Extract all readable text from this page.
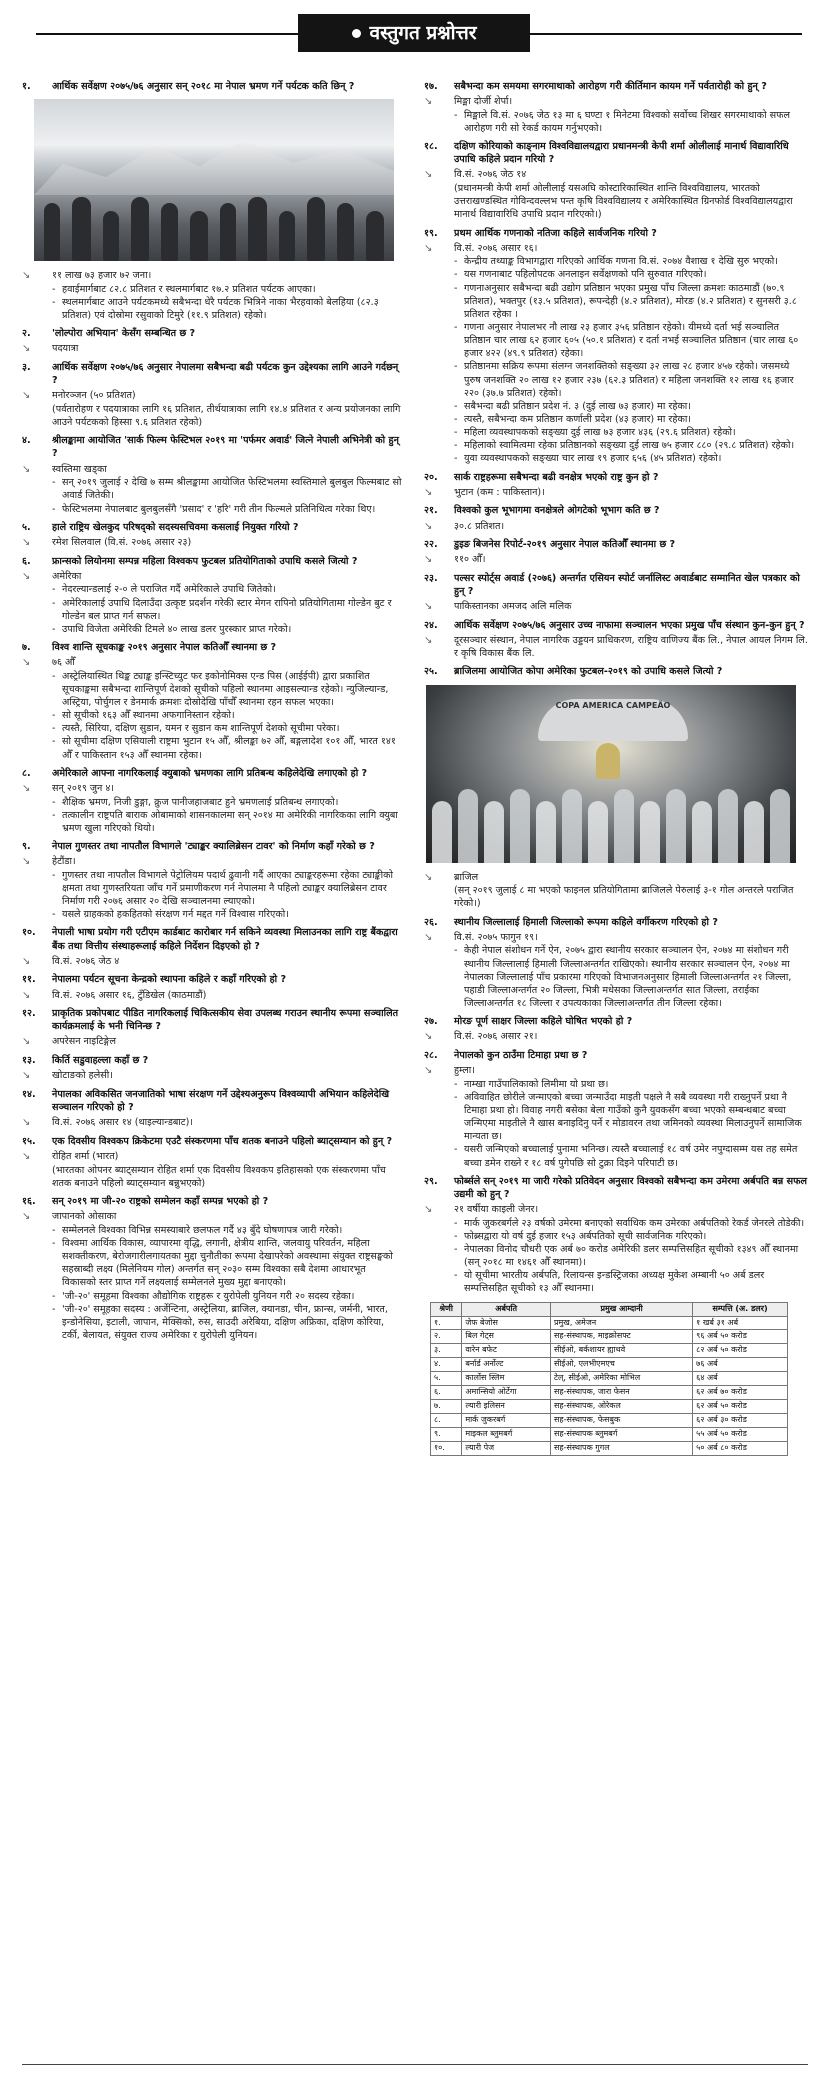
वस्तुगत प्रश्नोत्तर
१.	आर्थिक सर्वेक्षण २०७५/७६ अनुसार सन् २०१८ मा नेपाल भ्रमण गर्ने पर्यटक कति छिन् ?
↘	११ लाख ७३ हजार ७२ जना।
- हवाईमार्गबाट ८२.८ प्रतिशत र स्थलमार्गबाट १७.२ प्रतिशत पर्यटक आएका।
- स्थलमार्गबाट आउने पर्यटकमध्ये सबैभन्दा धेरै पर्यटक भित्रिने नाका भैरहवाको बेलहिया (८२.३ प्रतिशत) एवं दोस्रोमा रसुवाको टिमुरे (११.९ प्रतिशत) रहेको।
२.	'लोल्पोरा अभियान' केसँग सम्बन्धित छ ?
↘	पदयात्रा
३.	आर्थिक सर्वेक्षण २०७५/७६ अनुसार नेपालमा सबैभन्दा बढी पर्यटक कुन उद्देश्यका लागि आउने गर्दछन् ?
↘	मनोरञ्जन (५० प्रतिशत)
(पर्वतारोहण र पदयात्राका लागि १६ प्रतिशत, तीर्थयात्राका लागि १४.४ प्रतिशत र अन्य प्रयोजनका लागि आउने पर्यटकको हिस्सा ९.६ प्रतिशत रहेको)
४.	श्रीलङ्कामा आयोजित 'सार्क फिल्म फेस्टिभल २०१९ मा 'पर्फमर अवार्ड' जित्ने नेपाली अभिनेत्री को हुन् ?
↘	स्वस्तिमा खड्का
- सन् २०१९ जुलाई २ देखि ७ सम्म श्रीलङ्कामा आयोजित फेस्टिभलमा स्वस्तिमाले बुलबुल फिल्मबाट सो अवार्ड जितेकी।
- फेस्टिभलमा नेपालबाट बुलबुलसँगै 'प्रसाद' र 'हरि' गरी तीन फिल्मले प्रतिनिधित्व गरेका थिए।
५.	हाले राष्ट्रिय खेलकुद परिषद्को सदस्यसचिवमा कसलाई नियुक्त गरियो ?
↘	रमेश सिलवाल (वि.सं. २०७६ असार २३)
६.	फ्रान्सको लियोनमा सम्पन्न महिला विश्वकप फुटबल प्रतियोगिताको उपाधि कसले जित्यो ?
↘	अमेरिका
- नेदरल्यान्डलाई २-० ले पराजित गर्दै अमेरिकाले उपाधि जितेको।
- अमेरिकालाई उपाधि दिलाउँदा उत्कृष्ट प्रदर्शन गरेकी स्टार मेगन रापिनो प्रतियोगितामा गोल्डेन बुट र गोल्डेन बल प्राप्त गर्न सफल।
- उपाधि विजेता अमेरिकी टिमले ४० लाख डलर पुरस्कार प्राप्त गरेको।
७.	विश्व शान्ति सूचकाङ्क २०१९ अनुसार नेपाल कतिऔँ स्थानमा छ ?
↘	७६ औँ
- अस्ट्रेलियास्थित थिङ्क ट्याङ्क इन्स्टिच्युट फर इकोनोमिक्स एन्ड पिस (आईईपी) द्वारा प्रकाशित सूचकाङ्कमा सबैभन्दा शान्तिपूर्ण देशको सूचीको पहिलो स्थानमा आइसल्यान्ड रहेको। न्युजिल्यान्ड, अस्ट्रिया, पोर्चुगल र डेनमार्क क्रमशः दोस्रोदेखि पाँचौँ स्थानमा रहन सफल भएका।
- सो सूचीको १६३ औँ स्थानमा अफगानिस्तान रहेको।
- त्यस्तै, सिरिया, दक्षिण सुडान, यमन र सुडान कम शान्तिपूर्ण देशको सूचीमा परेका।
- सो सूचीमा दक्षिण एसियाली राष्ट्रमा भुटान १५ औँ, श्रीलङ्का ७२ औँ, बङ्गलादेश १०१ औँ, भारत १४१ औँ र पाकिस्तान १५३ औँ स्थानमा रहेका।
८.	अमेरिकाले आफ्ना नागरिकलाई क्युबाको भ्रमणका लागि प्रतिबन्ध कहिलेदेखि लगाएको हो ?
↘	सन् २०१९ जुन ४।
- शैक्षिक भ्रमण, निजी डुङ्गा, क्रुज पानीजहाजबाट हुने भ्रमणलाई प्रतिबन्ध लगाएको।
- तत्कालीन राष्ट्रपति बाराक ओबामाको शासनकालमा सन् २०१४ मा अमेरिकी नागरिकका लागि क्युबा भ्रमण खुला गरिएको थियो।
९.	नेपाल गुणस्तर तथा नापतौल विभागले 'ट्याङ्कर क्यालिब्रेसन टावर' को निर्माण कहाँ गरेको छ ?
↘	हेटौंडा।
- गुणस्तर तथा नापतौल विभागले पेट्रोलियम पदार्थ ढुवानी गर्दै आएका ट्याङ्करहरूमा रहेका ट्याङ्कीको क्षमता तथा गुणस्तरियता जाँच गर्ने प्रमाणीकरण गर्न नेपालमा नै पहिलो ट्याङ्कर क्यालिब्रेसन टावर निर्माण गरी २०७६ असार २० देखि सञ्चालनमा ल्याएको।
- यसले ग्राहकको हकहितको संरक्षण गर्न मद्दत गर्ने विश्वास गरिएको।
१०.	नेपाली भाषा प्रयोग गरी एटीएम कार्डबाट कारोबार गर्न सकिने व्यवस्था मिलाउनका लागि राष्ट्र बैंकद्वारा बैंक तथा वित्तीय संस्थाहरूलाई कहिले निर्देशन दिइएको हो ?
↘	वि.सं. २०७६ जेठ ४
११.	नेपालमा पर्यटन सूचना केन्द्रको स्थापना कहिले र कहाँ गरिएको हो ?
↘	वि.सं. २०७६ असार १६, टुँडिखेल (काठमाडौं)
१२.	प्राकृतिक प्रकोपबाट पीडित नागरिकलाई चिकित्सकीय सेवा उपलब्ध गराउन स्थानीय रूपमा सञ्चालित कार्यक्रमलाई के भनी चिनिन्छ ?
↘	अपरेसन नाइटिङ्गेल
१३.	किर्ति सडुवाहल्ला कहाँ छ ?
↘	खोटाङको हलेसी।
१४.	नेपालका अविकसित जनजातिको भाषा संरक्षण गर्ने उद्देश्यअनुरूप विश्वव्यापी अभियान कहिलेदेखि सञ्चालन गरिएको हो ?
↘	वि.सं. २०७६ असार १४ (थाइल्यान्डबाट)।
१५.	एक दिवसीय विश्वकप क्रिकेटमा एउटै संस्करणमा पाँच शतक बनाउने पहिलो ब्याट्सम्यान को हुन् ?
↘	रोहित शर्मा (भारत)
(भारतका ओपनर ब्याट्सम्यान रोहित शर्मा एक दिवसीय विश्वकप इतिहासको एक संस्करणमा पाँच शतक बनाउने पहिलो ब्याट्सम्यान बन्नुभएको)
१६.	सन् २०१९ मा जी-२० राष्ट्रको सम्मेलन कहाँ सम्पन्न भएको हो ?
↘	जापानको ओसाका
- सम्मेलनले विश्वका विभिन्न समस्याबारे छलफल गर्दै ४३ बुँदे घोषणापत्र जारी गरेको।
- विश्वमा आर्थिक विकास, व्यापारमा वृद्धि, लगानी, क्षेत्रीय शान्ति, जलवायु परिवर्तन, महिला सशक्तीकरण, बेरोजगारीलगायतका मुद्दा चुनौतीका रूपमा देखापरेको अवस्थामा संयुक्त राष्ट्रसङ्घको सहस्राब्दी लक्ष्य (मिलेनियम गोल) अन्तर्गत सन् २०३० सम्म विश्वका सबै देशमा आधारभूत विकासको स्तर प्राप्त गर्ने लक्ष्यलाई सम्मेलनले मुख्य मुद्दा बनाएको।
- 'जी-२०' समूहमा विश्वका औद्योगिक राष्ट्रहरू र युरोपेली युनियन गरी २० सदस्य रहेका।
- 'जी-२०' समूहका सदस्य : अर्जेन्टिना, अस्ट्रेलिया, ब्राजिल, क्यानडा, चीन, फ्रान्स, जर्मनी, भारत, इन्डोनेसिया, इटाली, जापान, मेक्सिको, रुस, साउदी अरेबिया, दक्षिण अफ्रिका, दक्षिण कोरिया, टर्की, बेलायत, संयुक्त राज्य अमेरिका र युरोपेली युनियन।
१७.	सबैभन्दा कम समयमा सगरमाथाको आरोहण गरी कीर्तिमान कायम गर्ने पर्वतारोही को हुन् ?
↘	मिङ्मा दोर्जी शेर्पा।
- मिङ्माले वि.सं. २०७६ जेठ १३ मा ६ घण्टा १ मिनेटमा विश्वको सर्वोच्च शिखर सगरमाथाको सफल आरोहण गरी सो रेकर्ड कायम गर्नुभएको।
१८.	दक्षिण कोरियाको काङ्नाम विश्वविद्यालयद्वारा प्रधानमन्त्री केपी शर्मा ओलीलाई मानार्थ विद्यावारिधि उपाधि कहिले प्रदान गरियो ?
↘	वि.सं. २०७६ जेठ १४
(प्रधानमन्त्री केपी शर्मा ओलीलाई यसअघि कोस्टारिकास्थित शान्ति विश्वविद्यालय, भारतको उत्तराखण्डस्थित गोविन्दवल्लभ पन्त कृषि विश्वविद्यालय र अमेरिकास्थित ग्रिनफोर्ड विश्वविद्यालयद्वारा मानार्थ विद्यावारिधि उपाधि प्रदान गरिएको।)
१९.	प्रथम आर्थिक गणनाको नतिजा कहिले सार्वजनिक गरियो ?
↘	वि.सं. २०७६ असार १६।
- केन्द्रीय तथ्याङ्क विभागद्वारा गरिएको आर्थिक गणना वि.सं. २०७४ वैशाख १ देखि सुरु भएको।
- यस गणनाबाट पहिलोपटक अनलाइन सर्वेक्षणको पनि सुरुवात गरिएको।
- गणनाअनुसार सबैभन्दा बढी उद्योग प्रतिष्ठान भएका प्रमुख पाँच जिल्ला क्रमशः काठमाडौं (७०.९ प्रतिशत), भक्तपुर (१३.५ प्रतिशत), रूपन्देही (४.२ प्रतिशत), मोरङ (४.२ प्रतिशत) र सुनसरी ३.८ प्रतिशत रहेका ।
- गणना अनुसार नेपालभर नौ लाख २३ हजार ३५६ प्रतिष्ठान रहेको। यीमध्ये दर्ता भई सञ्चालित प्रतिष्ठान चार लाख ६२ हजार ६०५ (५०.१ प्रतिशत) र दर्ता नभई सञ्चालित प्रतिष्ठान (चार लाख ६० हजार ४२२ (४९.९ प्रतिशत) रहेका।
- प्रतिष्ठानमा सक्रिय रूपमा संलग्न जनशक्तिको सङ्ख्या ३२ लाख २८ हजार ४५७ रहेको। जसमध्ये पुरुष जनशक्ति २० लाख १२ हजार २३७ (६२.३ प्रतिशत) र महिला जनशक्ति १२ लाख १६ हजार २२० (३७.७ प्रतिशत) रहेको।
- सबैभन्दा बढी प्रतिष्ठान प्रदेश नं. ३ (दुई लाख ७३ हजार) मा रहेका।
- त्यस्तै, सबैभन्दा कम प्रतिष्ठान कर्णाली प्रदेश (४३ हजार) मा रहेका।
- महिला व्यवस्थापकको सङ्ख्या दुई लाख ७३ हजार ४३६ (२९.६ प्रतिशत) रहेको।
- महिलाको स्वामित्वमा रहेका प्रतिष्ठानको सङ्ख्या दुई लाख ७५ हजार ८८० (२९.८ प्रतिशत) रहेको।
- युवा व्यवस्थापकको सङ्ख्या चार लाख १९ हजार ६५६ (४५ प्रतिशत) रहेको।
२०.	सार्क राष्ट्रहरूमा सबैभन्दा बढी वनक्षेत्र भएको राष्ट्र कुन हो ?
↘	भुटान (कम : पाकिस्तान)।
२१.	विश्वको कुल भूभागमा वनक्षेत्रले ओगटेको भूभाग कति छ ?
↘	३०.८ प्रतिशत।
२२.	डुइङ बिजनेस रिपोर्ट-२०१९ अनुसार नेपाल कतिऔँ स्थानमा छ ?
↘	११० औँ।
२३.	पल्सर स्पोर्ट्स अवार्ड (२०७६) अन्तर्गत एसियन स्पोर्ट जर्नालिस्ट अवार्डबाट सम्मानित खेल पत्रकार को हुन् ?
↘	पाकिस्तानका अमजद अलि मलिक
२४.	आर्थिक सर्वेक्षण २०७५/७६ अनुसार उच्च नाफामा सञ्चालन भएका प्रमुख पाँच संस्थान कुन-कुन हुन् ?
↘	दूरसञ्चार संस्थान, नेपाल नागरिक उड्डयन प्राधिकरण, राष्ट्रिय वाणिज्य बैंक लि., नेपाल आयल निगम लि. र कृषि विकास बैंक लि.
२५.	ब्राजिलमा आयोजित कोपा अमेरिका फुटबल-२०१९ को उपाधि कसले जित्यो ?
COPA AMERICA CAMPEÃO
↘	ब्राजिल
(सन् २०१९ जुलाई ८ मा भएको फाइनल प्रतियोगितामा ब्राजिलले पेरुलाई ३-१ गोल अन्तरले पराजित गरेको।)
२६.	स्थानीय जिल्लालाई हिमाली जिल्लाको रूपमा कहिले वर्गीकरण गरिएको हो ?
↘	वि.सं. २०७५ फागुन १९।
- केही नेपाल संशोधन गर्ने ऐन, २०७५ द्वारा स्थानीय सरकार सञ्चालन ऐन, २०७४ मा संशोधन गरी स्थानीय जिल्लालाई हिमाली जिल्लाअन्तर्गत राखिएको। स्थानीय सरकार सञ्चालन ऐन, २०७४ मा नेपालका जिल्लालाई पाँच प्रकारमा गरिएको विभाजनअनुसार हिमाली जिल्लाअन्तर्गत २१ जिल्ला, पहाडी जिल्लाअन्तर्गत २० जिल्ला, भित्री मधेसका जिल्लाअन्तर्गत सात जिल्ला, तराईका जिल्लाअन्तर्गत १८ जिल्ला र उपत्यकाका जिल्लाअन्तर्गत तीन जिल्ला रहेका।
२७.	मोरङ पूर्ण साक्षर जिल्ला कहिले घोषित भएको हो ?
↘	वि.सं. २०७६ असार २१।
२८.	नेपालको कुन ठाउँमा टिमाहा प्रथा छ ?
↘	हुम्ला।
- नाम्खा गाउँपालिकाको लिमीमा यो प्रथा छ।
- अविवाहित छोरीले जन्माएको बच्चा जन्माउँदा माइती पक्षले नै सबै व्यवस्था गरी राख्नुपर्ने प्रथा नै टिमाहा प्रथा हो। विवाह नगरी बसेका बेला गाउँको कुनै युवकसँग बच्चा भएको सम्बन्धबाट बच्चा जन्मिएमा माइतीले नै खास बनाइदिनु पर्ने र मोडावरन तथा जमिनको व्यवस्था मिलाउनुपर्ने सामाजिक मान्यता छ।
- यसरी जन्मिएको बच्चालाई पुनामा भनिन्छ। त्यस्तै बच्चालाई १८ वर्ष उमेर नपुग्दासम्म यस तह समेत बच्चा डमेन राख्ने र १८ वर्ष पुगेपछि सो टुक्रा दिइने परिपाटी छ।
२९.	फोर्ब्सले सन् २०१९ मा जारी गरेको प्रतिवेदन अनुसार विश्वको सबैभन्दा कम उमेरमा अर्बपति बन्न सफल उद्यमी को हुन् ?
↘	२१ वर्षीया काइली जेनर।
- मार्क जुकरबर्गले २३ वर्षको उमेरमा बनाएको सर्वाधिक कम उमेरका अर्बपतिको रेकर्ड जेनरले तोडेकी।
- फोब्र्सद्वारा यो वर्ष दुई हजार १५३ अर्बपतिको सूची सार्वजनिक गरिएको।
- नेपालका विनोद चौधरी एक अर्ब ७० करोड अमेरिकी डलर सम्पत्तिसहित सूचीको १३४९ औँ स्थानमा (सन् २०१८ मा १४६१ औँ स्थानमा)।
- यो सूचीमा भारतीय अर्बपति, रिलायन्स इन्डस्ट्रिजका अध्यक्ष मुकेश अम्बानी ५० अर्ब डलर सम्पत्तिसहित सूचीको १३ औँ स्थानमा।
श्रेणी	अर्बपति	प्रमुख आम्दानी	सम्पत्ति (अ. डलर)
१.	जेफ बेजोस	प्रमुख, अमेजन	१ खर्ब ३१ अर्ब
२.	बिल गेट्स	सह-संस्थापक, माइक्रोसफ्ट	९६ अर्ब ५० करोड
३.	वारेन बफेट	सीईओ, बर्कशायर ह्याथवे	८२ अर्ब ५० करोड
४.	बर्नार्ड अर्नोल्ट	सीईओ, एलभीएमएच	७६ अर्ब
५.	कार्लोस स्लिम	टेल्, सीईओ, अमेरिका मोभिल	६४ अर्ब
६.	अमान्सियो ओर्टेगा	सह-संस्थापक, जारा फेसन	६२ अर्ब ७० करोड
७.	ल्यारी इलिसन	सह-संस्थापक, ओरेकल	६२ अर्ब ५० करोड
८.	मार्क जुकरबर्ग	सह-संस्थापक, फेसबुक	६२ अर्ब ३० करोड
९.	माइकल ब्लुमबर्ग	सह-संस्थापक ब्लुमबर्ग	५५ अर्ब ५० करोड
१०.	ल्यारी पेज	सह-संस्थापक गुगल	५० अर्ब ८० करोड
